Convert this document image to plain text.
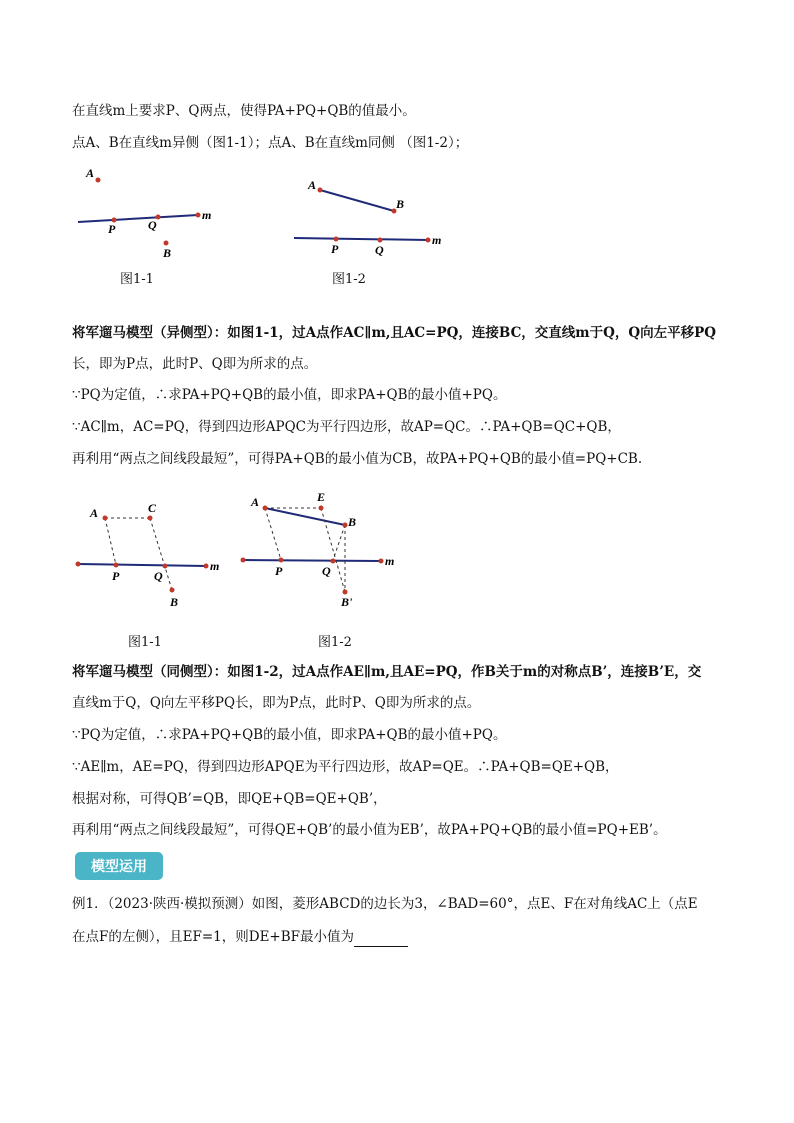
在直线m上要求P、Q两点，使得PA+PQ+QB的值最小。
点A、B在直线m异侧（图1-1）；点A、B在直线m同侧 （图1-2）；
A
P	Q
m
B
图1-1
A
B
P	Q
m
图1-2
将军遛马模型（异侧型）：如图1-1，过A点作AC∥m,且AC=PQ，连接BC，交直线m于Q，Q向左平移PQ
长，即为P点，此时P、Q即为所求的点。
∵PQ为定值，∴求PA+PQ+QB的最小值，即求PA+QB的最小值+PQ。
∵AC∥m，AC=PQ，得到四边形APQC为平行四边形，故AP=QC。∴PA+QB=QC+QB，
再利用“两点之间线段最短”，可得PA+QB的最小值为CB，故PA+PQ+QB的最小值=PQ+CB.
A	C
P	Q
m
B
图1-1
A	E
B
P	Q
m
B'
图1-2
将军遛马模型（同侧型）：如图1-2，过A点作AE∥m,且AE=PQ，作B关于m的对称点B’，连接B’E，交
直线m于Q，Q向左平移PQ长，即为P点，此时P、Q即为所求的点。
∵PQ为定值，∴求PA+PQ+QB的最小值，即求PA+QB的最小值+PQ。
∵AE∥m，AE=PQ，得到四边形APQE为平行四边形，故AP=QE。∴PA+QB=QE+QB，
根据对称，可得QB’=QB，即QE+QB=QE+QB’，
再利用“两点之间线段最短”，可得QE+QB’的最小值为EB’，故PA+PQ+QB的最小值=PQ+EB’。
模型运用
例1．（2023·陕西·模拟预测）如图，菱形ABCD的边长为3，∠BAD=60°，点E、F在对角线AC上（点E
在点F的左侧），且EF=1，则DE+BF最小值为
